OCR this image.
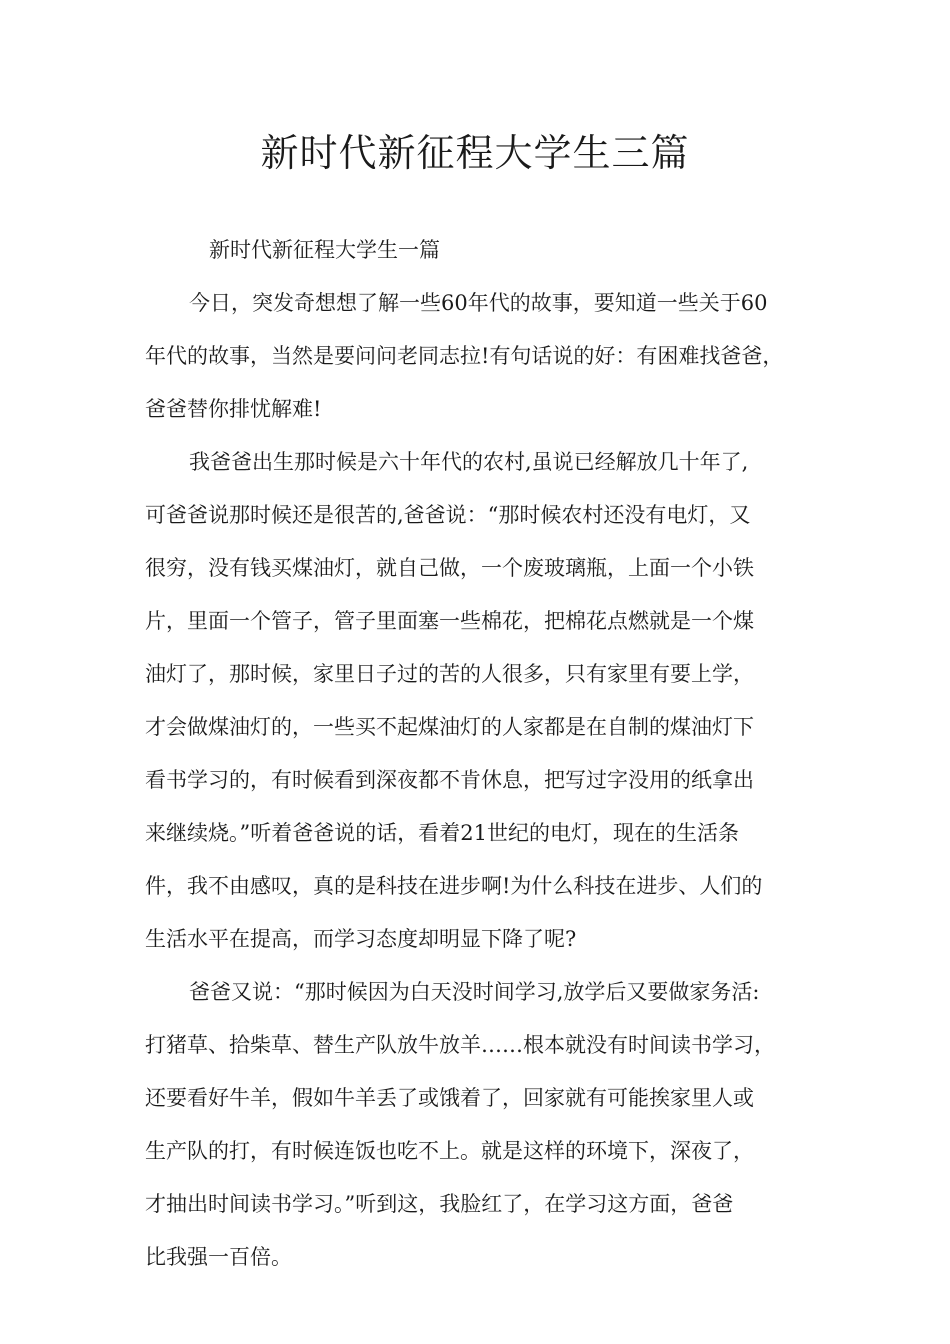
新时代新征程大学生三篇

新时代新征程大学生一篇

今日，突发奇想想了解一些60年代的故事，要知道一些关于60
年代的故事，当然是要问问老同志拉!有句话说的好：有困难找爸爸，
爸爸替你排忧解难!

我爸爸出生那时候是六十年代的农村,虽说已经解放几十年了,
可爸爸说那时候还是很苦的,爸爸说：“那时候农村还没有电灯，又
很穷，没有钱买煤油灯，就自己做，一个废玻璃瓶，上面一个小铁
片，里面一个管子，管子里面塞一些棉花，把棉花点燃就是一个煤
油灯了，那时候，家里日子过的苦的人很多，只有家里有要上学，
才会做煤油灯的，一些买不起煤油灯的人家都是在自制的煤油灯下
看书学习的，有时候看到深夜都不肯休息，把写过字没用的纸拿出
来继续烧。”听着爸爸说的话，看着21世纪的电灯，现在的生活条
件，我不由感叹，真的是科技在进步啊!为什么科技在进步、人们的
生活水平在提高，而学习态度却明显下降了呢?

爸爸又说：“那时候因为白天没时间学习,放学后又要做家务活:
打猪草、拾柴草、替生产队放牛放羊……根本就没有时间读书学习，
还要看好牛羊，假如牛羊丢了或饿着了，回家就有可能挨家里人或
生产队的打，有时候连饭也吃不上。就是这样的环境下，深夜了，
才抽出时间读书学习。”听到这，我脸红了，在学习这方面，爸爸
比我强一百倍。
